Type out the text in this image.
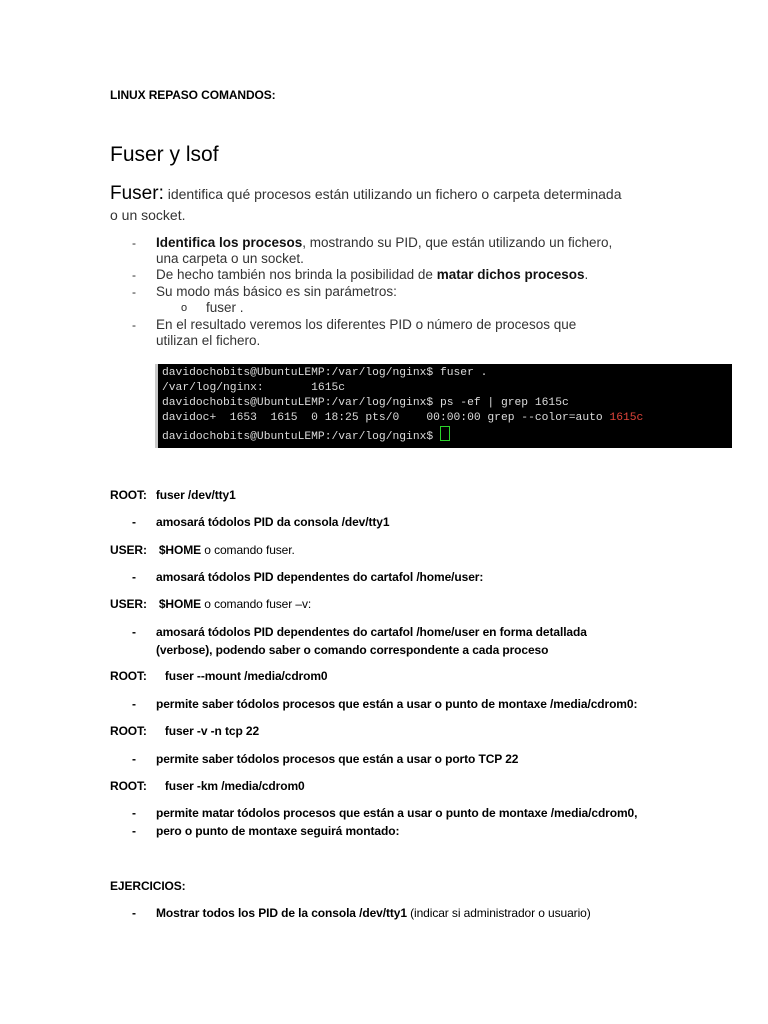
LINUX REPASO COMANDOS:
Fuser y lsof
Fuser: identifica qué procesos están utilizando un fichero o carpeta determinada
o un socket.
- Identifica los procesos, mostrando su PID, que están utilizando un fichero,
una carpeta o un socket.
- De hecho también nos brinda la posibilidad de matar dichos procesos.
- Su modo más básico es sin parámetros:
o fuser .
- En el resultado veremos los diferentes PID o número de procesos que
utilizan el fichero.
davidochobits@UbuntuLEMP:/var/log/nginx$ fuser .
/var/log/nginx:       1615c
davidochobits@UbuntuLEMP:/var/log/nginx$ ps -ef | grep 1615c
davidoc+  1653  1615  0 18:25 pts/0    00:00:00 grep --color=auto 1615c
davidochobits@UbuntuLEMP:/var/log/nginx$
ROOT: fuser /dev/tty1
- amosará tódolos PID da consola /dev/tty1
USER: $HOME o comando fuser.
- amosará tódolos PID dependentes do cartafol /home/user:
USER: $HOME o comando fuser –v:
- amosará tódolos PID dependentes do cartafol /home/user en forma detallada
(verbose), podendo saber o comando correspondente a cada proceso
ROOT: fuser --mount /media/cdrom0
- permite saber tódolos procesos que están a usar o punto de montaxe /media/cdrom0:
ROOT: fuser -v -n tcp 22
- permite saber tódolos procesos que están a usar o porto TCP 22
ROOT: fuser -km /media/cdrom0
- permite matar tódolos procesos que están a usar o punto de montaxe /media/cdrom0,
- pero o punto de montaxe seguirá montado:
EJERCICIOS:
- Mostrar todos los PID de la consola /dev/tty1 (indicar si administrador o usuario)
